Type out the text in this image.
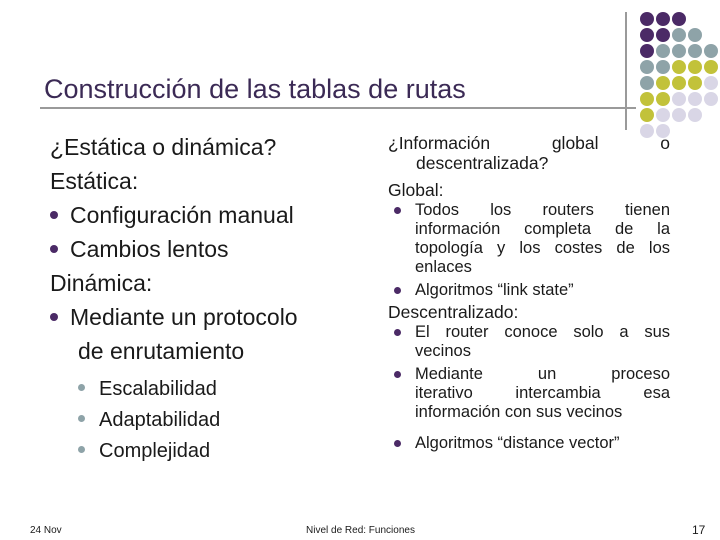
Construcción de las tablas de rutas
¿Estática o dinámica?
Estática:
Configuración manual
Cambios lentos
Dinámica:
Mediante un protocolo
de enrutamiento
Escalabilidad
Adaptabilidad
Complejidad
¿Información	global	o
descentralizada?
Global:
Todos los routers tienen
información completa de la
topología y los costes de los
enlaces
Algoritmos “link state”
Descentralizado:
El router conoce solo a sus
vecinos
Mediante un proceso
iterativo intercambia esa
información con sus vecinos
Algoritmos “distance vector”
24 Nov	Nivel de Red: Funciones	17
